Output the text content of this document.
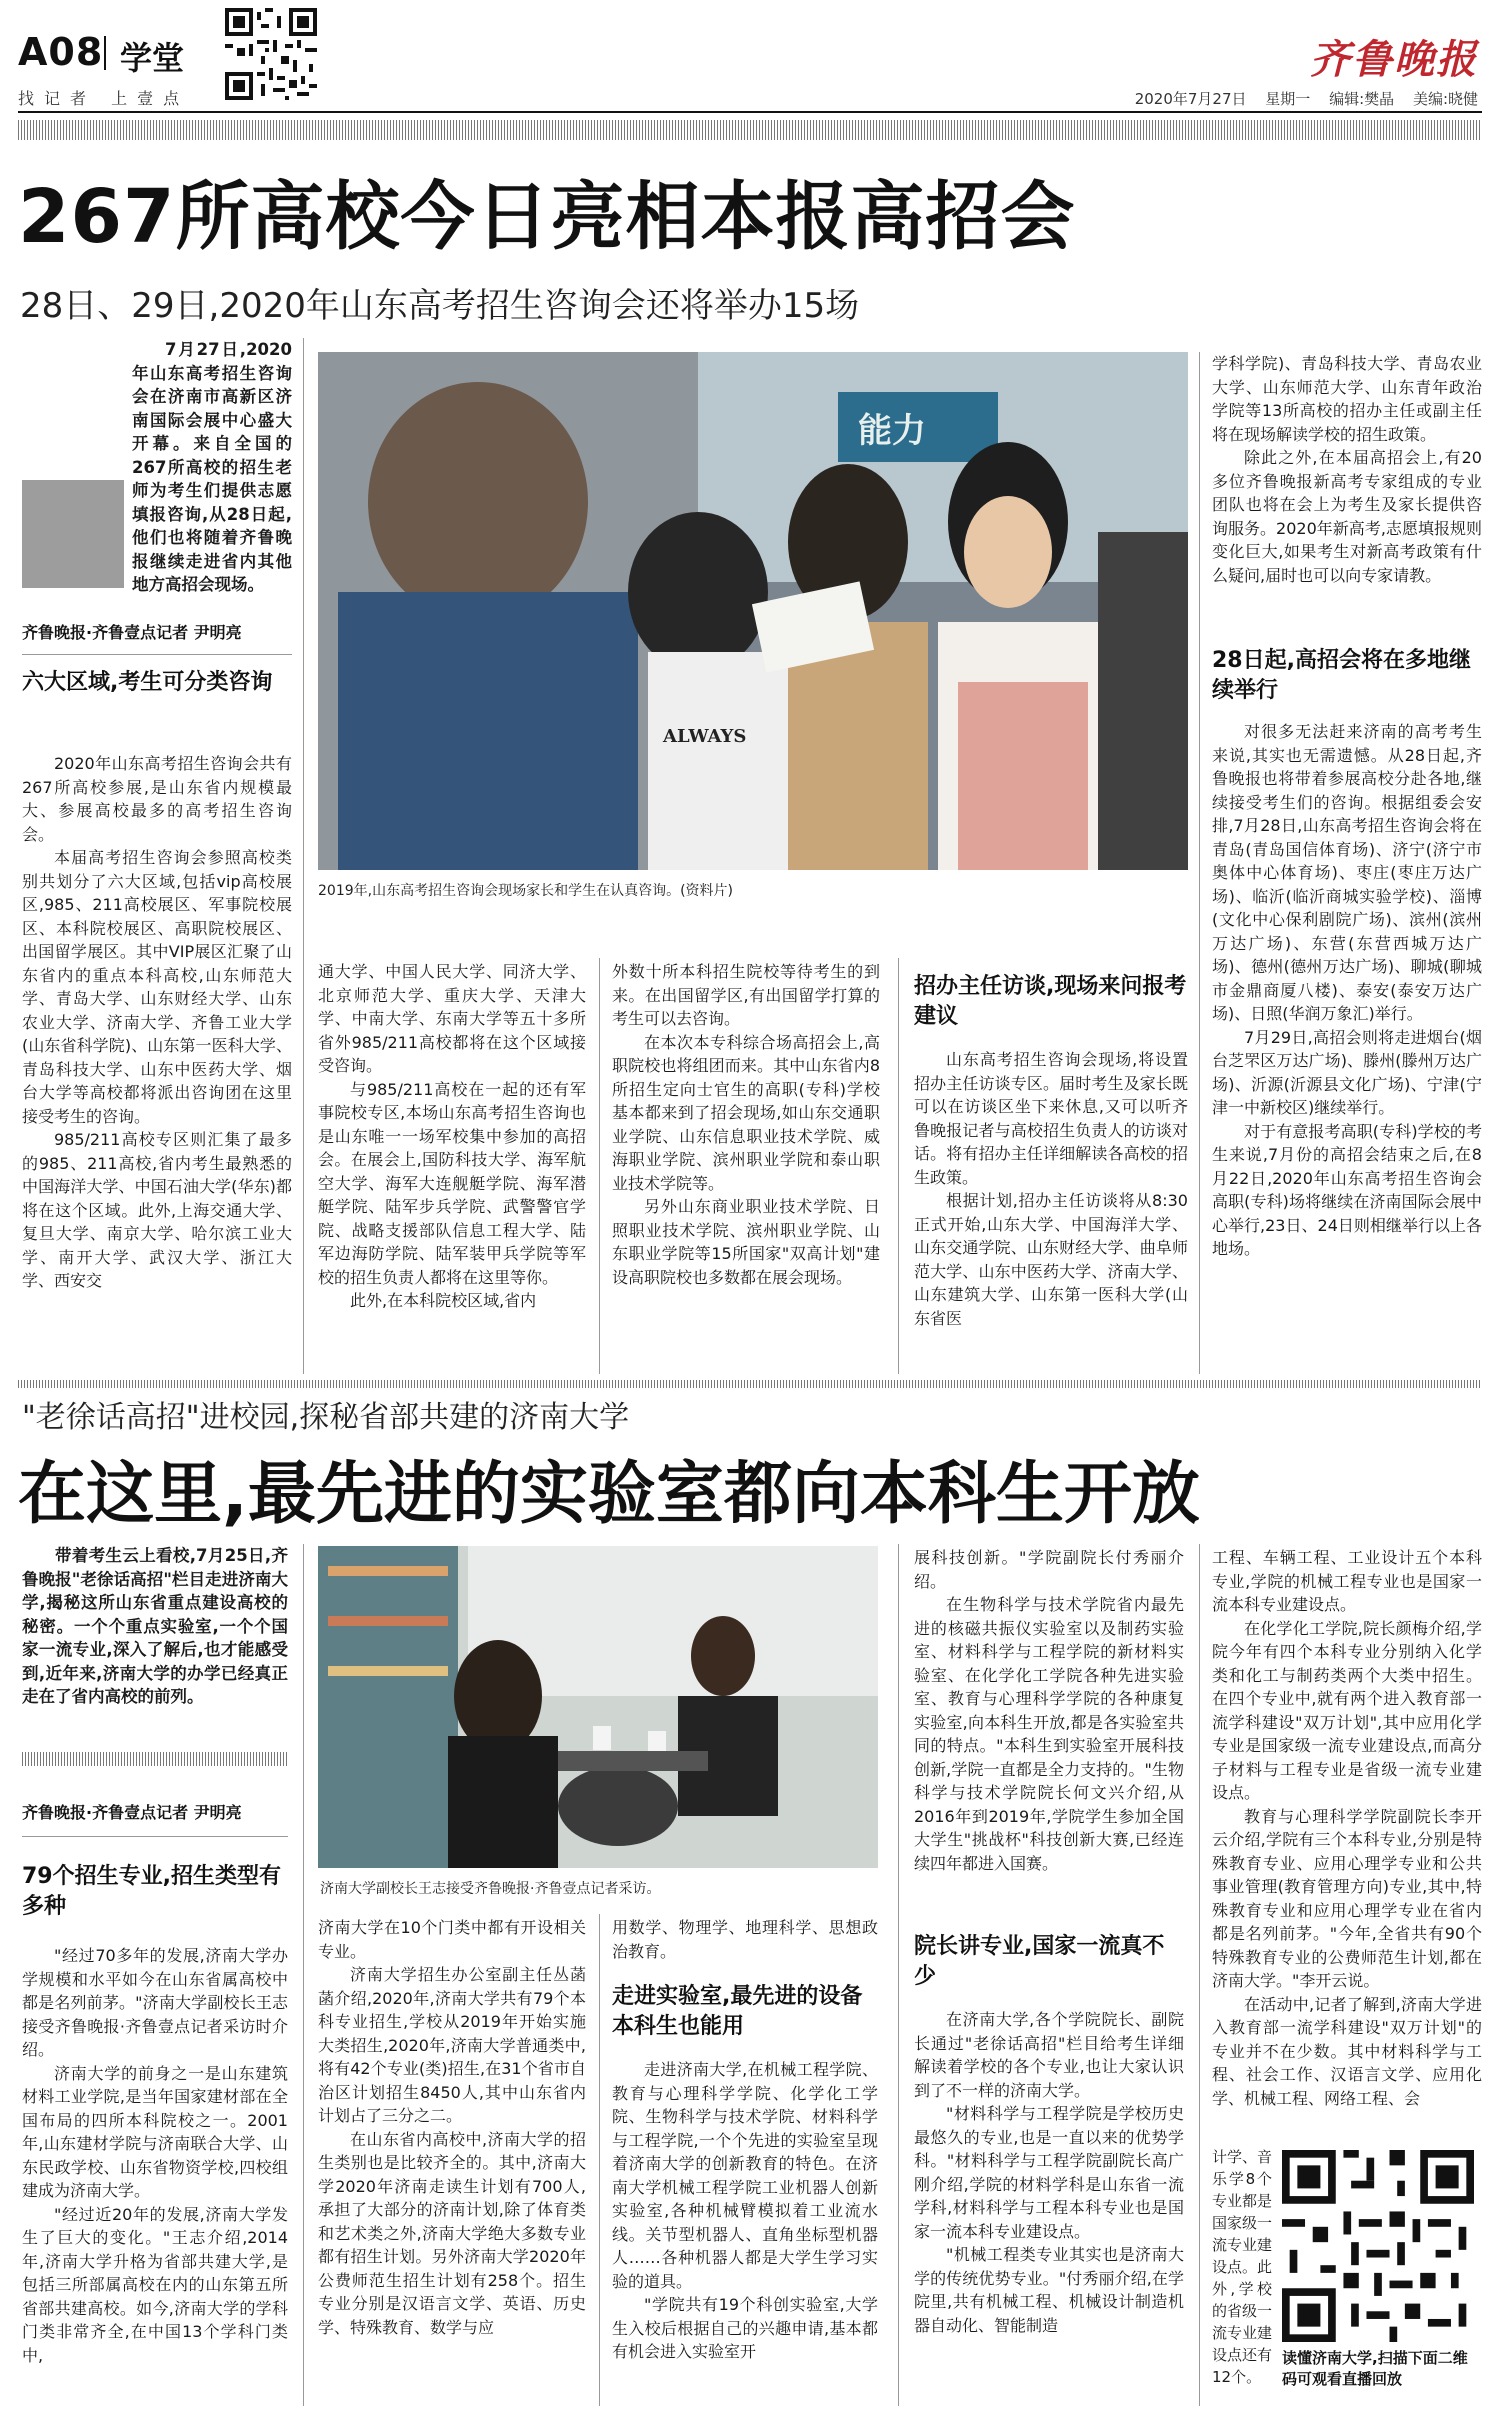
A08 学堂
找记者 上壹点
齐鲁晚报
2020年7月27日 星期一 编辑:樊晶 美编:晓健
267所高校今日亮相本报高招会
28日、29日,2020年山东高考招生咨询会还将举办15场
7月27日,2020年山东高考招生咨询会在济南市高新区济南国际会展中心盛大开幕。来自全国的267所高校的招生老师为考生们提供志愿填报咨询,从28日起,他们也将随着齐鲁晚报继续走进省内其他地方高招会现场。
齐鲁晚报·齐鲁壹点记者 尹明亮
六大区域,考生可分类咨询

2020年山东高考招生咨询会共有267所高校参展,是山东省内规模最大、参展高校最多的高考招生咨询会。

本届高考招生咨询会参照高校类别共划分了六大区域,包括vip高校展区,985、211高校展区、军事院校展区、本科院校展区、高职院校展区、出国留学展区。其中VIP展区汇聚了山东省内的重点本科高校,山东师范大学、青岛大学、山东财经大学、山东农业大学、济南大学、齐鲁工业大学(山东省科学院)、山东第一医科大学、青岛科技大学、山东中医药大学、烟台大学等高校都将派出咨询团在这里接受考生的咨询。

985/211高校专区则汇集了最多的985、211高校,省内考生最熟悉的中国海洋大学、中国石油大学(华东)都将在这个区域。此外,上海交通大学、复旦大学、南京大学、哈尔滨工业大学、南开大学、武汉大学、浙江大学、西安交

能力
ALWAYS
2019年,山东高考招生咨询会现场家长和学生在认真咨询。(资料片)

通大学、中国人民大学、同济大学、北京师范大学、重庆大学、天津大学、中南大学、东南大学等五十多所省外985/211高校都将在这个区域接受咨询。

与985/211高校在一起的还有军事院校专区,本场山东高考招生咨询也是山东唯一一场军校集中参加的高招会。在展会上,国防科技大学、海军航空大学、海军大连舰艇学院、海军潜艇学院、陆军步兵学院、武警警官学院、战略支援部队信息工程大学、陆军边海防学院、陆军装甲兵学院等军校的招生负责人都将在这里等你。

此外,在本科院校区域,省内

外数十所本科招生院校等待考生的到来。在出国留学区,有出国留学打算的考生可以去咨询。

在本次本专科综合场高招会上,高职院校也将组团而来。其中山东省内8所招生定向士官生的高职(专科)学校基本都来到了招会现场,如山东交通职业学院、山东信息职业技术学院、威海职业学院、滨州职业学院和泰山职业技术学院等。

另外山东商业职业技术学院、日照职业技术学院、滨州职业学院、山东职业学院等15所国家"双高计划"建设高职院校也多数都在展会现场。

招办主任访谈,现场来问报考建议

山东高考招生咨询会现场,将设置招办主任访谈专区。届时考生及家长既可以在访谈区坐下来休息,又可以听齐鲁晚报记者与高校招生负责人的访谈对话。将有招办主任详细解读各高校的招生政策。

根据计划,招办主任访谈将从8:30正式开始,山东大学、中国海洋大学、山东交通学院、山东财经大学、曲阜师范大学、山东中医药大学、济南大学、山东建筑大学、山东第一医科大学(山东省医

学科学院)、青岛科技大学、青岛农业大学、山东师范大学、山东青年政治学院等13所高校的招办主任或副主任将在现场解读学校的招生政策。

除此之外,在本届高招会上,有20多位齐鲁晚报新高考专家组成的专业团队也将在会上为考生及家长提供咨询服务。2020年新高考,志愿填报规则变化巨大,如果考生对新高考政策有什么疑问,届时也可以向专家请教。

28日起,高招会将在多地继续举行

对很多无法赶来济南的高考考生来说,其实也无需遗憾。从28日起,齐鲁晚报也将带着参展高校分赴各地,继续接受考生们的咨询。根据组委会安排,7月28日,山东高考招生咨询会将在青岛(青岛国信体育场)、济宁(济宁市奥体中心体育场)、枣庄(枣庄万达广场)、临沂(临沂商城实验学校)、淄博(文化中心保利剧院广场)、滨州(滨州万达广场)、东营(东营西城万达广场)、德州(德州万达广场)、聊城(聊城市金鼎商厦八楼)、泰安(泰安万达广场)、日照(华润万象汇)举行。

7月29日,高招会则将走进烟台(烟台芝罘区万达广场)、滕州(滕州万达广场)、沂源(沂源县文化广场)、宁津(宁津一中新校区)继续举行。

对于有意报考高职(专科)学校的考生来说,7月份的高招会结束之后,在8月22日,2020年山东高考招生咨询会高职(专科)场将继续在济南国际会展中心举行,23日、24日则相继举行以上各地场。

"老徐话高招"进校园,探秘省部共建的济南大学
在这里,最先进的实验室都向本科生开放
带着考生云上看校,7月25日,齐鲁晚报"老徐话高招"栏目走进济南大学,揭秘这所山东省重点建设高校的秘密。一个个重点实验室,一个个国家一流专业,深入了解后,也才能感受到,近年来,济南大学的办学已经真正走在了省内高校的前列。
齐鲁晚报·齐鲁壹点记者 尹明亮
79个招生专业,招生类型有多种

"经过70多年的发展,济南大学办学规模和水平如今在山东省属高校中都是名列前茅。"济南大学副校长王志接受齐鲁晚报·齐鲁壹点记者采访时介绍。

济南大学的前身之一是山东建筑材料工业学院,是当年国家建材部在全国布局的四所本科院校之一。2001年,山东建材学院与济南联合大学、山东民政学校、山东省物资学校,四校组建成为济南大学。

"经过近20年的发展,济南大学发生了巨大的变化。"王志介绍,2014年,济南大学升格为省部共建大学,是包括三所部属高校在内的山东第五所省部共建高校。如今,济南大学的学科门类非常齐全,在中国13个学科门类中,

济南大学副校长王志接受齐鲁晚报·齐鲁壹点记者采访。

济南大学在10个门类中都有开设相关专业。

济南大学招生办公室副主任丛菡菡介绍,2020年,济南大学共有79个本科专业招生,学校从2019年开始实施大类招生,2020年,济南大学普通类中,将有42个专业(类)招生,在31个省市自治区计划招生8450人,其中山东省内计划占了三分之二。

在山东省内高校中,济南大学的招生类别也是比较齐全的。其中,济南大学2020年济南走读生计划有700人,承担了大部分的济南计划,除了体育类和艺术类之外,济南大学绝大多数专业都有招生计划。另外济南大学2020年公费师范生招生计划有258个。招生专业分别是汉语言文学、英语、历史学、特殊教育、数学与应

用数学、物理学、地理科学、思想政治教育。

走进实验室,最先进的设备本科生也能用

走进济南大学,在机械工程学院、教育与心理科学学院、化学化工学院、生物科学与技术学院、材料科学与工程学院,一个个先进的实验室呈现着济南大学的创新教育的特色。在济南大学机械工程学院工业机器人创新实验室,各种机械臂模拟着工业流水线。关节型机器人、直角坐标型机器人……各种机器人都是大学生学习实验的道具。

"学院共有19个科创实验室,大学生入校后根据自己的兴趣申请,基本都有机会进入实验室开

展科技创新。"学院副院长付秀丽介绍。

在生物科学与技术学院省内最先进的核磁共振仪实验室以及制药实验室、材料科学与工程学院的新材料实验室、在化学化工学院各种先进实验室、教育与心理科学学院的各种康复实验室,向本科生开放,都是各实验室共同的特点。"本科生到实验室开展科技创新,学院一直都是全力支持的。"生物科学与技术学院院长何文兴介绍,从2016年到2019年,学院学生参加全国大学生"挑战杯"科技创新大赛,已经连续四年都进入国赛。

院长讲专业,国家一流真不少

在济南大学,各个学院院长、副院长通过"老徐话高招"栏目给考生详细解读着学校的各个专业,也让大家认识到了不一样的济南大学。

"材料科学与工程学院是学校历史最悠久的专业,也是一直以来的优势学科。"材料科学与工程学院副院长高广刚介绍,学院的材料学科是山东省一流学科,材料科学与工程本科专业也是国家一流本科专业建设点。

"机械工程类专业其实也是济南大学的传统优势专业。"付秀丽介绍,在学院里,共有机械工程、机械设计制造机器自动化、智能制造

工程、车辆工程、工业设计五个本科专业,学院的机械工程专业也是国家一流本科专业建设点。

在化学化工学院,院长颜梅介绍,学院今年有四个本科专业分别纳入化学类和化工与制药类两个大类中招生。在四个专业中,就有两个进入教育部一流学科建设"双万计划",其中应用化学专业是国家级一流专业建设点,而高分子材料与工程专业是省级一流专业建设点。

教育与心理科学学院副院长李开云介绍,学院有三个本科专业,分别是特殊教育专业、应用心理学专业和公共事业管理(教育管理方向)专业,其中,特殊教育专业和应用心理学专业在省内都是名列前茅。"今年,全省共有90个特殊教育专业的公费师范生计划,都在济南大学。"李开云说。

在活动中,记者了解到,济南大学进入教育部一流学科建设"双万计划"的专业并不在少数。其中材料科学与工程、社会工作、汉语言文学、应用化学、机械工程、网络工程、会

计学、音乐学8个专业都是国家级一流专业建设点。此外,学校的省级一流专业建设点还有12个。

读懂济南大学,扫描下面二维码可观看直播回放
